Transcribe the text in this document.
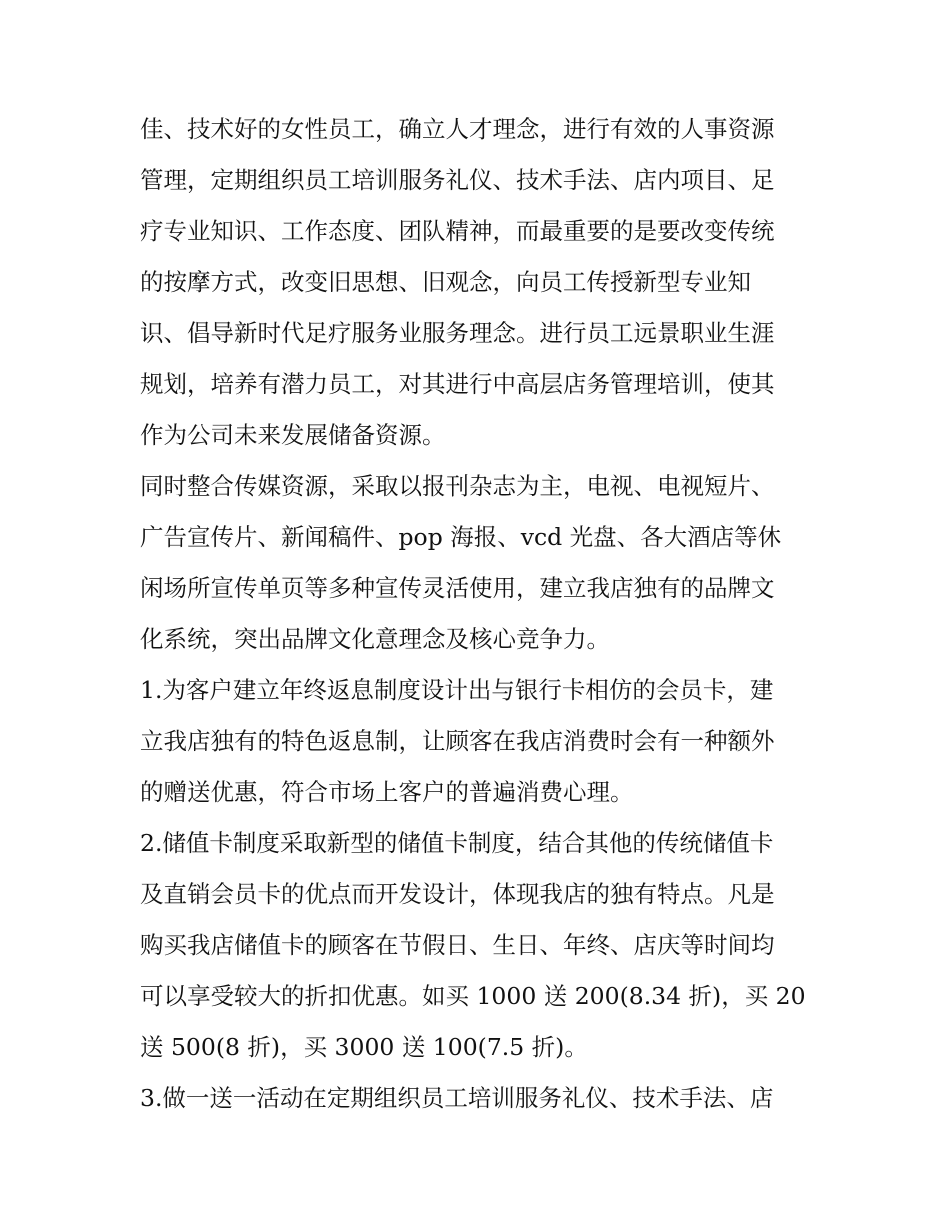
佳、技术好的女性员工，确立人才理念，进行有效的人事资源
管理，定期组织员工培训服务礼仪、技术手法、店内项目、足
疗专业知识、工作态度、团队精神，而最重要的是要改变传统
的按摩方式，改变旧思想、旧观念，向员工传授新型专业知
识、倡导新时代足疗服务业服务理念。进行员工远景职业生涯
规划，培养有潜力员工，对其进行中高层店务管理培训，使其
作为公司未来发展储备资源。
同时整合传媒资源，采取以报刊杂志为主，电视、电视短片、
广告宣传片、新闻稿件、pop 海报、vcd 光盘、各大酒店等休
闲场所宣传单页等多种宣传灵活使用，建立我店独有的品牌文
化系统，突出品牌文化意理念及核心竞争力。
1.为客户建立年终返息制度设计出与银行卡相仿的会员卡，建
立我店独有的特色返息制，让顾客在我店消费时会有一种额外
的赠送优惠，符合市场上客户的普遍消费心理。
2.储值卡制度采取新型的储值卡制度，结合其他的传统储值卡
及直销会员卡的优点而开发设计，体现我店的独有特点。凡是
购买我店储值卡的顾客在节假日、生日、年终、店庆等时间均
可以享受较大的折扣优惠。如买 1000 送 200(8.34 折)，买 20
送 500(8 折)，买 3000 送 100(7.5 折)。
3.做一送一活动在定期组织员工培训服务礼仪、技术手法、店
